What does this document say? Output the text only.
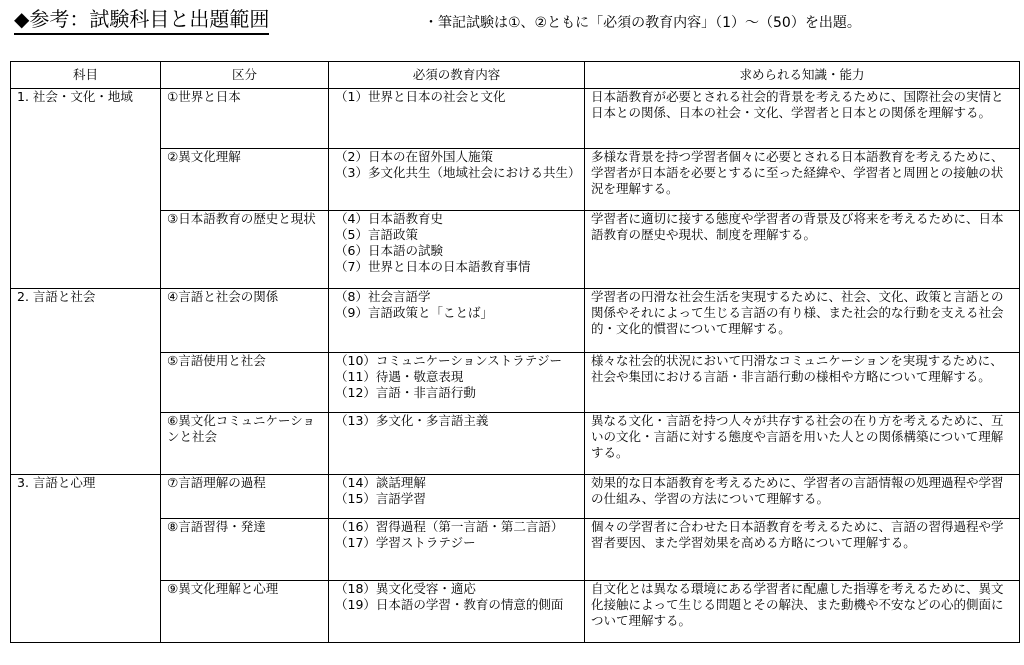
◆参考：試験科目と出題範囲	・筆記試験は①、②ともに「必須の教育内容」（1）～（50）を出題。
科目	区分	必須の教育内容	求められる知識・能力
1. 社会・文化・地域	①世界と日本	（1）世界と日本の社会と文化	日本語教育が必要とされる社会的背景を考えるために、国際社会の実情と日本との関係、日本の社会・文化、学習者と日本との関係を理解する。
	②異文化理解	（2）日本の在留外国人施策
（3）多文化共生（地域社会における共生）	多様な背景を持つ学習者個々に必要とされる日本語教育を考えるために、学習者が日本語を必要とするに至った経緯や、学習者と周囲との接触の状況を理解する。
	③日本語教育の歴史と現状	（4）日本語教育史
（5）言語政策
（6）日本語の試験
（7）世界と日本の日本語教育事情	学習者に適切に接する態度や学習者の背景及び将来を考えるために、日本語教育の歴史や現状、制度を理解する。
2. 言語と社会	④言語と社会の関係	（8）社会言語学
（9）言語政策と「ことば」	学習者の円滑な社会生活を実現するために、社会、文化、政策と言語との関係やそれによって生じる言語の有り様、また社会的な行動を支える社会的・文化的慣習について理解する。
	⑤言語使用と社会	（10）コミュニケーションストラテジー
（11）待遇・敬意表現
（12）言語・非言語行動	様々な社会的状況において円滑なコミュニケーションを実現するために、社会や集団における言語・非言語行動の様相や方略について理解する。
	⑥異文化コミュニケーションと社会	（13）多文化・多言語主義	異なる文化・言語を持つ人々が共存する社会の在り方を考えるために、互いの文化・言語に対する態度や言語を用いた人との関係構築について理解する。
3. 言語と心理	⑦言語理解の過程	（14）談話理解
（15）言語学習	効果的な日本語教育を考えるために、学習者の言語情報の処理過程や学習の仕組み、学習の方法について理解する。
	⑧言語習得・発達	（16）習得過程（第一言語・第二言語）
（17）学習ストラテジー	個々の学習者に合わせた日本語教育を考えるために、言語の習得過程や学習者要因、また学習効果を高める方略について理解する。
	⑨異文化理解と心理	（18）異文化受容・適応
（19）日本語の学習・教育の情意的側面	自文化とは異なる環境にある学習者に配慮した指導を考えるために、異文化接触によって生じる問題とその解決、また動機や不安などの心的側面について理解する。
